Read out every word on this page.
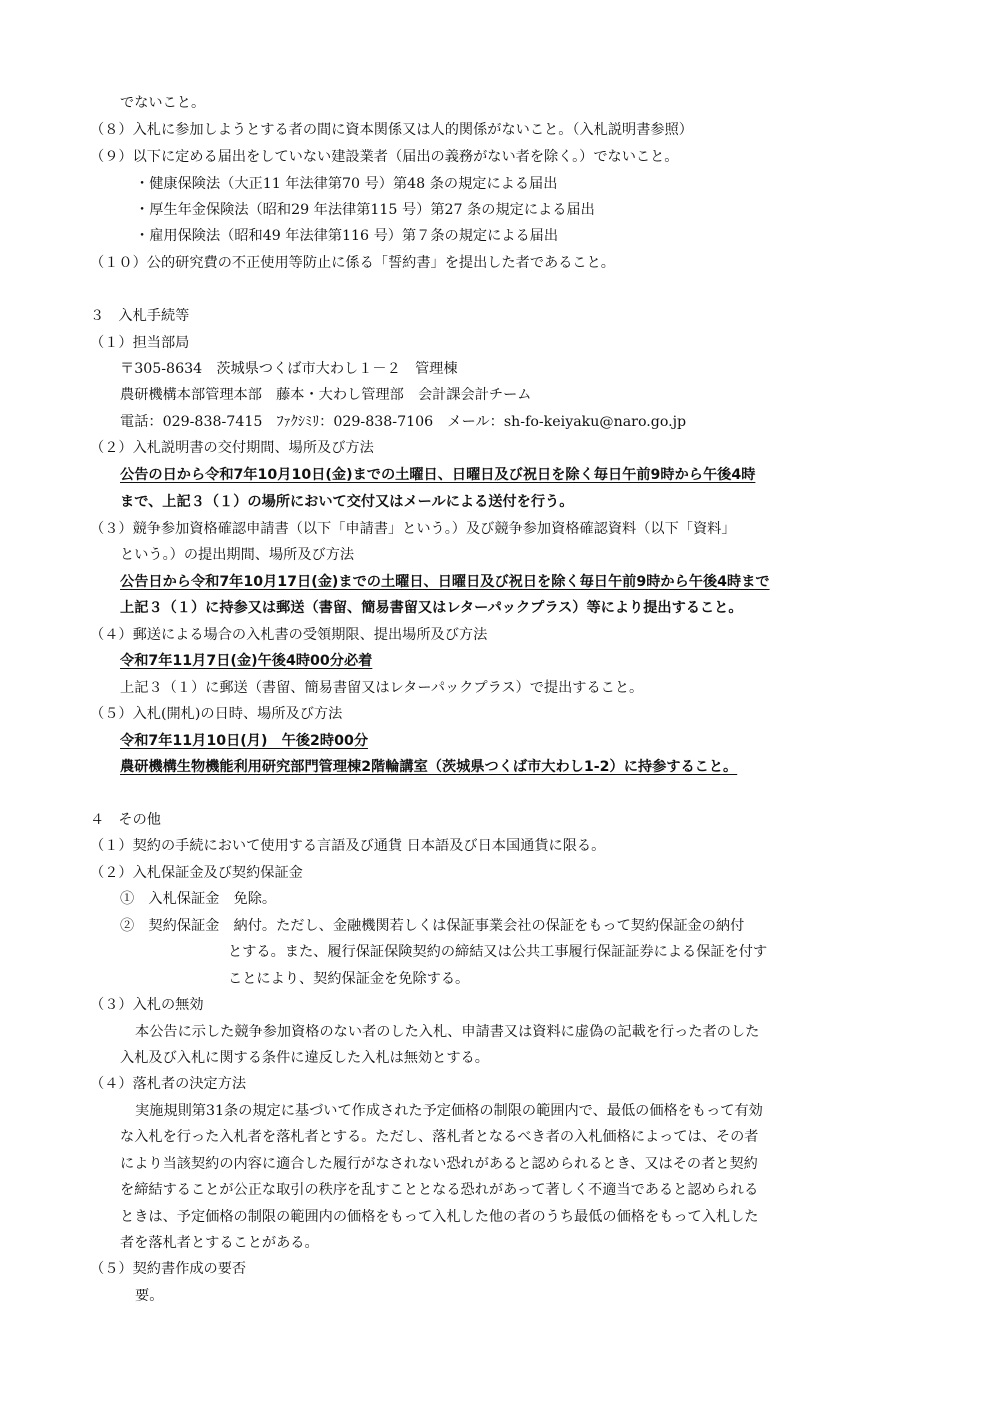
でないこと。
（８）入札に参加しようとする者の間に資本関係又は人的関係がないこと。（入札説明書参照）
（９）以下に定める届出をしていない建設業者（届出の義務がない者を除く。）でないこと。
・健康保険法（大正11 年法律第70 号）第48 条の規定による届出
・厚生年金保険法（昭和29 年法律第115 号）第27 条の規定による届出
・雇用保険法（昭和49 年法律第116 号）第７条の規定による届出
（１０）公的研究費の不正使用等防止に係る「誓約書」を提出した者であること。
３　入札手続等
（１）担当部局
〒305-8634　茨城県つくば市大わし１－２　管理棟
農研機構本部管理本部　藤本・大わし管理部　会計課会計チーム
電話：029-838-7415　ﾌｧｸｼﾐﾘ：029-838-7106　メール：sh-fo-keiyaku@naro.go.jp
（２）入札説明書の交付期間、場所及び方法
公告の日から令和7年10月10日(金)までの土曜日、日曜日及び祝日を除く毎日午前9時から午後4時
まで、上記３（１）の場所において交付又はメールによる送付を行う。
（３）競争参加資格確認申請書（以下「申請書」という。）及び競争参加資格確認資料（以下「資料」
という。）の提出期間、場所及び方法
公告日から令和7年10月17日(金)までの土曜日、日曜日及び祝日を除く毎日午前9時から午後4時まで
上記３（１）に持参又は郵送（書留、簡易書留又はレターパックプラス）等により提出すること。
（４）郵送による場合の入札書の受領期限、提出場所及び方法
令和7年11月7日(金)午後4時00分必着
上記３（１）に郵送（書留、簡易書留又はレターパックプラス）で提出すること。
（５）入札(開札)の日時、場所及び方法
令和7年11月10日(月)　午後2時00分
農研機構生物機能利用研究部門管理棟2階輪講室（茨城県つくば市大わし1-2）に持参すること。
４　その他
（１）契約の手続において使用する言語及び通貨 日本語及び日本国通貨に限る。
（２）入札保証金及び契約保証金
①　入札保証金　免除。
②　契約保証金　納付。ただし、金融機関若しくは保証事業会社の保証をもって契約保証金の納付
とする。また、履行保証保険契約の締結又は公共工事履行保証証券による保証を付す
ことにより、契約保証金を免除する。
（３）入札の無効
本公告に示した競争参加資格のない者のした入札、申請書又は資料に虚偽の記載を行った者のした
入札及び入札に関する条件に違反した入札は無効とする。
（４）落札者の決定方法
実施規則第31条の規定に基づいて作成された予定価格の制限の範囲内で、最低の価格をもって有効
な入札を行った入札者を落札者とする。ただし、落札者となるべき者の入札価格によっては、その者
により当該契約の内容に適合した履行がなされない恐れがあると認められるとき、又はその者と契約
を締結することが公正な取引の秩序を乱すこととなる恐れがあって著しく不適当であると認められる
ときは、予定価格の制限の範囲内の価格をもって入札した他の者のうち最低の価格をもって入札した
者を落札者とすることがある。
（５）契約書作成の要否
要。
